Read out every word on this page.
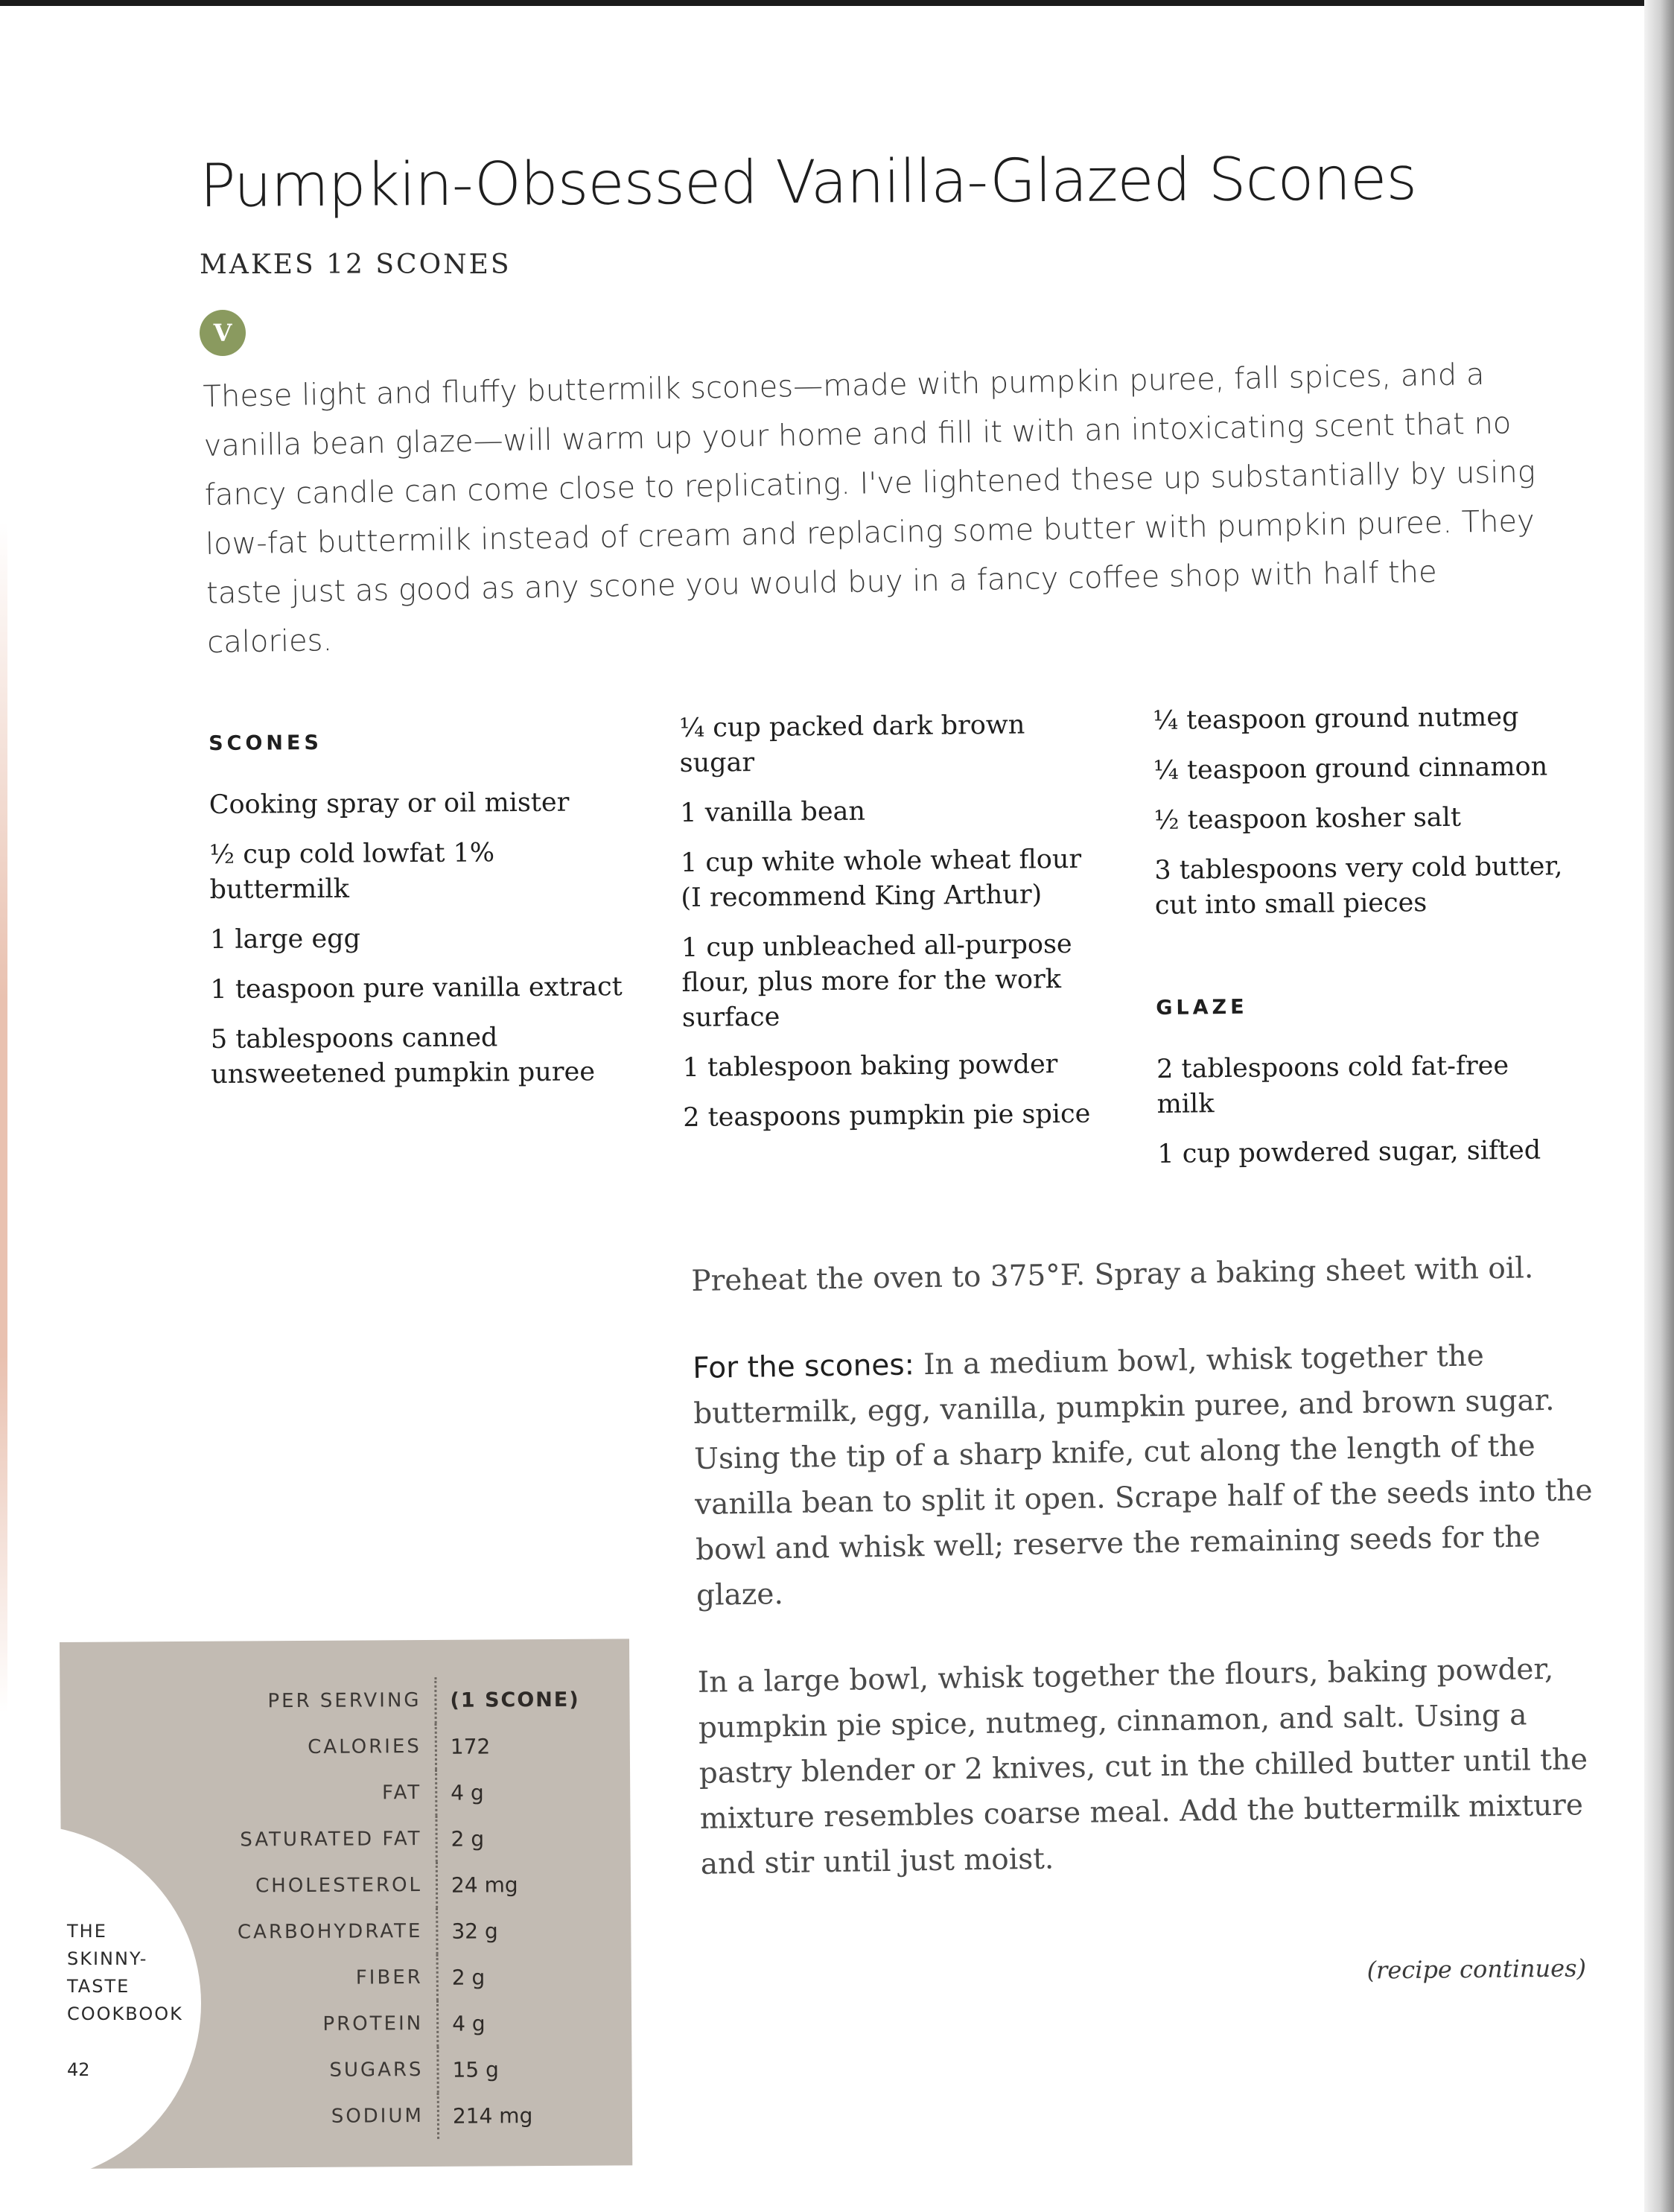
Pumpkin-Obsessed Vanilla-Glazed Scones
MAKES 12 SCONES
V
These light and fluffy buttermilk scones—made with pumpkin puree, fall spices, and a vanilla bean glaze—will warm up your home and fill it with an intoxicating scent that no fancy candle can come close to replicating. I've lightened these up substantially by using low-fat buttermilk instead of cream and replacing some butter with pumpkin puree. They taste just as good as any scone you would buy in a fancy coffee shop with half the calories.
SCONES
Cooking spray or oil mister
½ cup cold lowfat 1% buttermilk
1 large egg
1 teaspoon pure vanilla extract
5 tablespoons canned unsweetened pumpkin puree
¼ cup packed dark brown sugar
1 vanilla bean
1 cup white whole wheat flour (I recommend King Arthur)
1 cup unbleached all-purpose flour, plus more for the work surface
1 tablespoon baking powder
2 teaspoons pumpkin pie spice
¼ teaspoon ground nutmeg
¼ teaspoon ground cinnamon
½ teaspoon kosher salt
3 tablespoons very cold butter, cut into small pieces
GLAZE
2 tablespoons cold fat-free milk
1 cup powdered sugar, sifted

Preheat the oven to 375°F. Spray a baking sheet with oil.

For the scones: In a medium bowl, whisk together the buttermilk, egg, vanilla, pumpkin puree, and brown sugar. Using the tip of a sharp knife, cut along the length of the vanilla bean to split it open. Scrape half of the seeds into the bowl and whisk well; reserve the remaining seeds for the glaze.

In a large bowl, whisk together the flours, baking powder, pumpkin pie spice, nutmeg, cinnamon, and salt. Using a pastry blender or 2 knives, cut in the chilled butter until the mixture resembles coarse meal. Add the buttermilk mixture and stir until just moist.

(recipe continues)
PER SERVING	(1 SCONE)
CALORIES	172
FAT	4 g
SATURATED FAT	2 g
CHOLESTEROL	24 mg
CARBOHYDRATE	32 g
FIBER	2 g
PROTEIN	4 g
SUGARS	15 g
SODIUM	214 mg
THE
SKINNY-
TASTE
COOKBOOK
42
